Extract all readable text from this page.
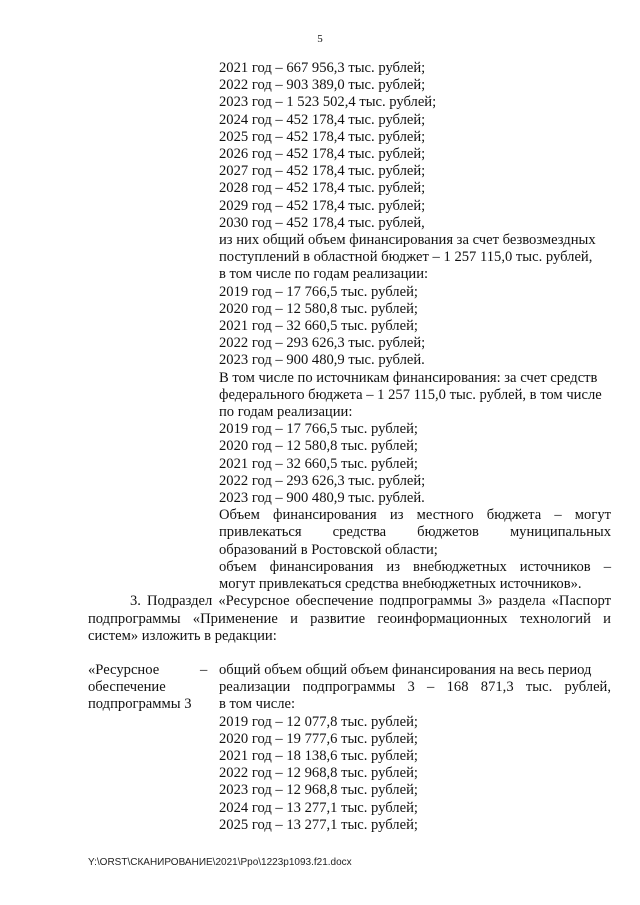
5
2021 год – 667 956,3 тыс. рублей;
2022 год – 903 389,0 тыс. рублей;
2023 год – 1 523 502,4 тыс. рублей;
2024 год – 452 178,4 тыс. рублей;
2025 год – 452 178,4 тыс. рублей;
2026 год – 452 178,4 тыс. рублей;
2027 год – 452 178,4 тыс. рублей;
2028 год – 452 178,4 тыс. рублей;
2029 год – 452 178,4 тыс. рублей;
2030 год – 452 178,4 тыс. рублей,
из них общий объем финансирования за счет безвозмездных
поступлений в областной бюджет – 1 257 115,0 тыс. рублей,
в том числе по годам реализации:
2019 год – 17 766,5 тыс. рублей;
2020 год – 12 580,8 тыс. рублей;
2021 год – 32 660,5 тыс. рублей;
2022 год – 293 626,3 тыс. рублей;
2023 год – 900 480,9 тыс. рублей.
В том числе по источникам финансирования: за счет средств
федерального бюджета – 1 257 115,0 тыс. рублей, в том числе
по годам реализации:
2019 год – 17 766,5 тыс. рублей;
2020 год – 12 580,8 тыс. рублей;
2021 год – 32 660,5 тыс. рублей;
2022 год – 293 626,3 тыс. рублей;
2023 год – 900 480,9 тыс. рублей.
Объем финансирования из местного бюджета – могут
привлекаться средства бюджетов муниципальных
образований в Ростовской области;
объем финансирования из внебюджетных источников –
могут привлекаться средства внебюджетных источников».
3. Подраздел «Ресурсное обеспечение подпрограммы 3» раздела «Паспорт подпрограммы «Применение и развитие геоинформационных технологий и систем» изложить в редакции:
«Ресурсное
обеспечение
подпрограммы 3
– общий объем общий объем финансирования на весь период
реализации подпрограммы 3 – 168 871,3 тыс. рублей,
в том числе:
2019 год – 12 077,8 тыс. рублей;
2020 год – 19 777,6 тыс. рублей;
2021 год – 18 138,6 тыс. рублей;
2022 год – 12 968,8 тыс. рублей;
2023 год – 12 968,8 тыс. рублей;
2024 год – 13 277,1 тыс. рублей;
2025 год – 13 277,1 тыс. рублей;
Y:\ORST\СКАНИРОВАНИЕ\2021\Ppo\1223p1093.f21.docx
